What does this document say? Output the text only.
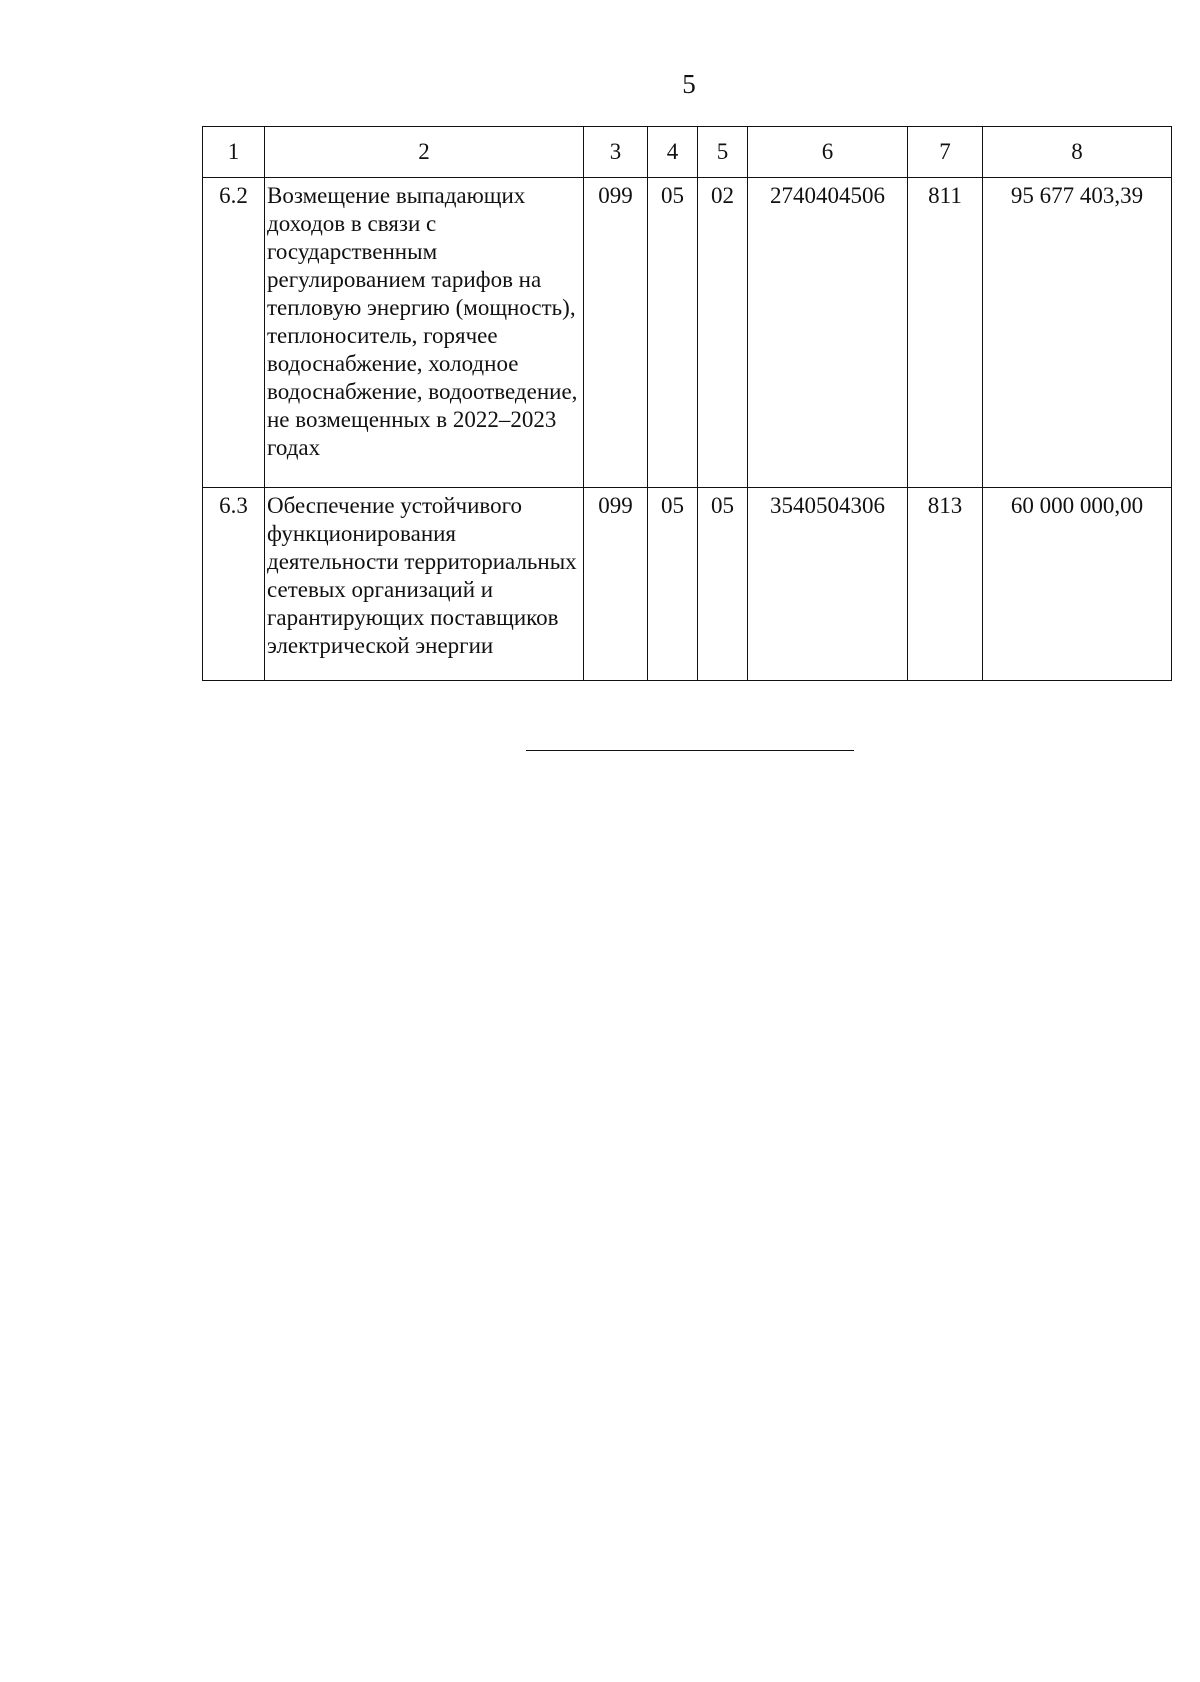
5
1	2	3	4	5	6	7	8
6.2	Возмещение выпадающих доходов в связи с государственным регулированием тарифов на тепловую энергию (мощность), теплоноситель, горячее водоснабжение, холодное водоснабжение, водоотведение, не возмещенных в 2022–2023 годах	099	05	02	2740404506	811	95 677 403,39
6.3	Обеспечение устойчивого функционирования деятельности территориальных сетевых организаций и гарантирующих поставщиков электрической энергии	099	05	05	3540504306	813	60 000 000,00
